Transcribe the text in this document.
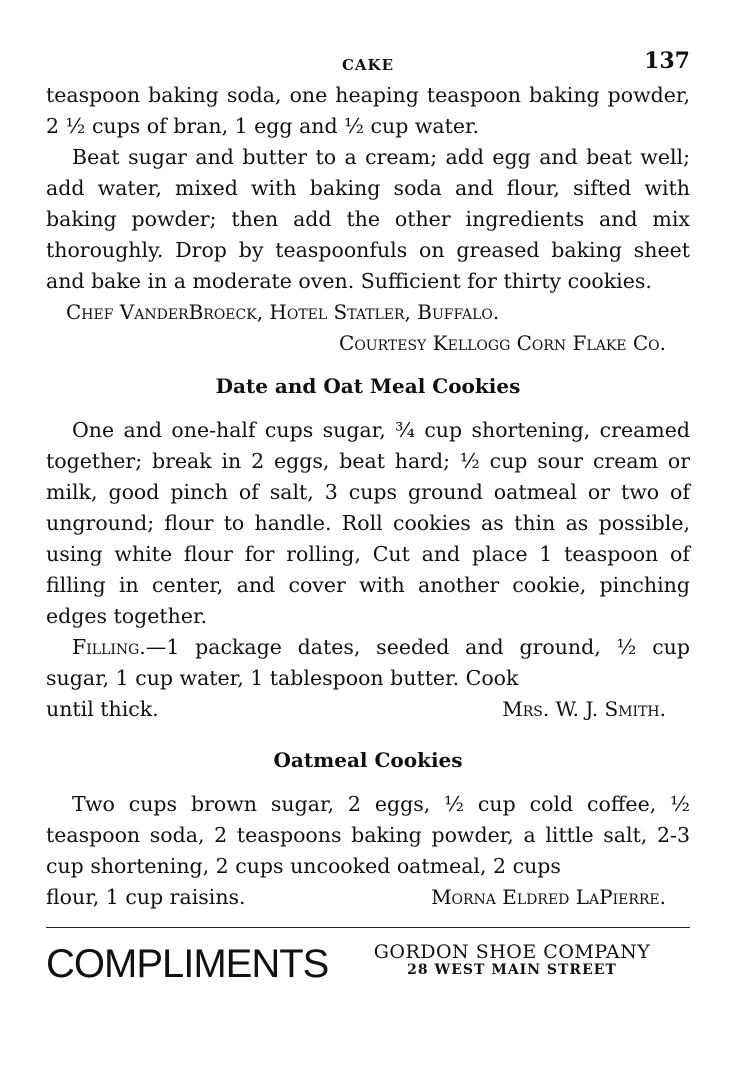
CAKE	137

teaspoon baking soda, one heaping teaspoon baking powder, 2 ½ cups of bran, 1 egg and ½ cup water.

Beat sugar and butter to a cream; add egg and beat well; add water, mixed with baking soda and flour, sifted with baking powder; then add the other ingredients and mix thoroughly. Drop by teaspoonfuls on greased baking sheet and bake in a moderate oven. Sufficient for thirty cookies.

Chef VanderBroeck, Hotel Statler, Buffalo.
Courtesy Kellogg Corn Flake Co.
Date and Oat Meal Cookies

One and one-half cups sugar, ¾ cup shortening, creamed together; break in 2 eggs, beat hard; ½ cup sour cream or milk, good pinch of salt, 3 cups ground oatmeal or two of unground; flour to handle. Roll cookies as thin as possible, using white flour for rolling, Cut and place 1 teaspoon of filling in center, and cover with another cookie, pinching edges together.

Filling.—1 package dates, seeded and ground, ½ cup sugar, 1 cup water, 1 tablespoon butter. Cook

until thick.	Mrs. W. J. Smith.

Oatmeal Cookies

Two cups brown sugar, 2 eggs, ½ cup cold coffee, ½ teaspoon soda, 2 teaspoons baking powder, a little salt, 2-3 cup shortening, 2 cups uncooked oatmeal, 2 cups

flour, 1 cup raisins.	Morna Eldred LaPierre.

COMPLIMENTS	GORDON SHOE COMPANY
28 WEST MAIN STREET
